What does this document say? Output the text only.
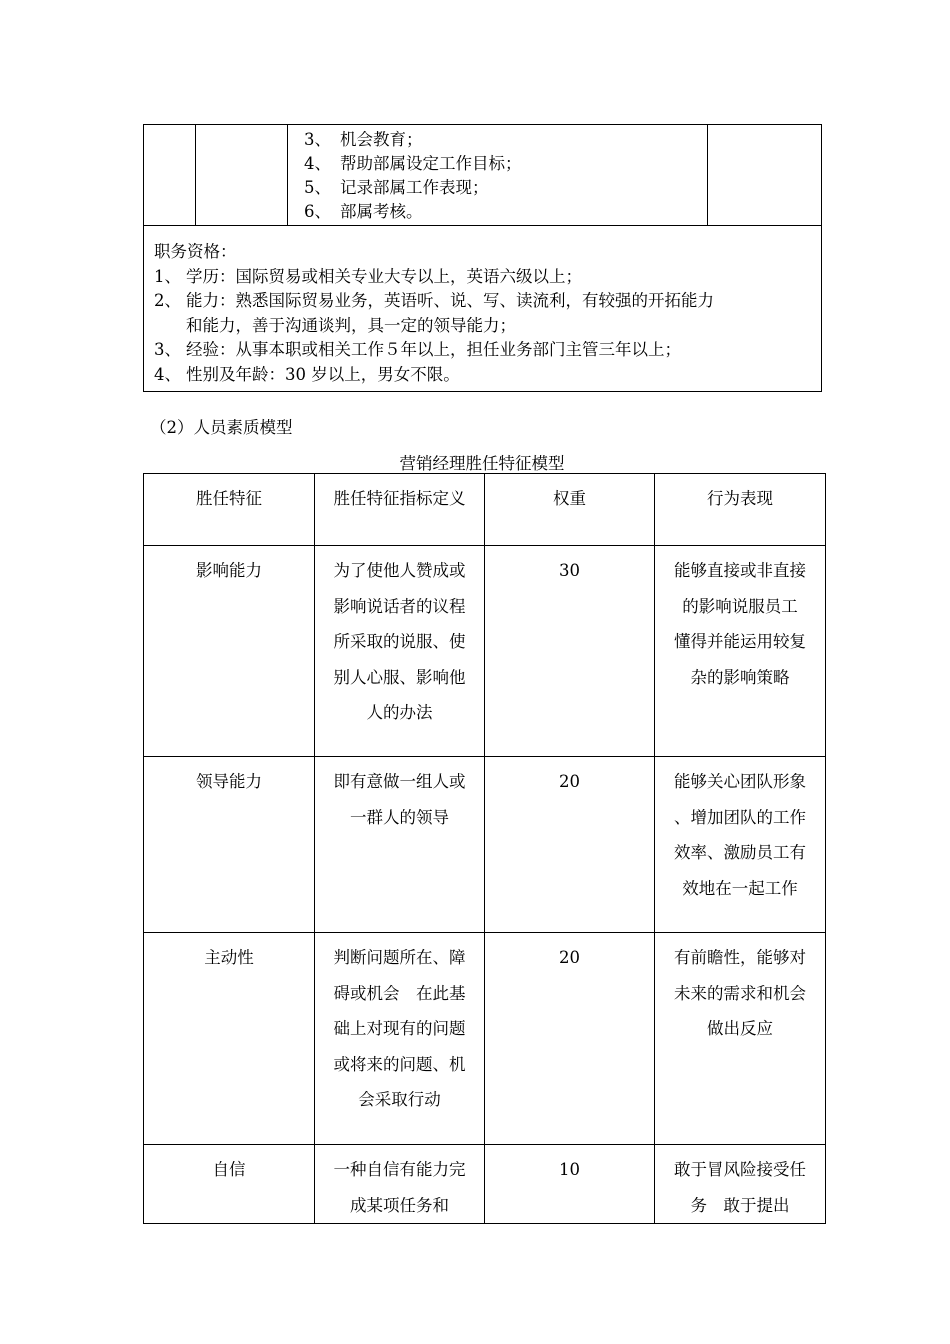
3、 机会教育；
4、 帮助部属设定工作目标；
5、 记录部属工作表现；
6、 部属考核。

职务资格：
1、 学历：国际贸易或相关专业大专以上，英语六级以上；
2、 能力：熟悉国际贸易业务，英语听、说、写、读流利，有较强的开拓能力
和能力，善于沟通谈判，具一定的领导能力；
3、 经验：从事本职或相关工作５年以上，担任业务部门主管三年以上；
4、 性别及年龄：30 岁以上，男女不限。
（2）人员素质模型
营销经理胜任特征模型
胜任特征	胜任特征指标定义	权重	行为表现
影响能力	为了使他人赞成或影响说话者的议程所采取的说服、使别人心服、影响他人的办法	30	能够直接或非直接的影响说服员工　懂得并能运用较复杂的影响策略
领导能力	即有意做一组人或一群人的领导	20	能够关心团队形象 、增加团队的工作效率、激励员工有效地在一起工作
主动性	判断问题所在、障碍或机会　在此基础上对现有的问题或将来的问题、机会采取行动	20	有前瞻性，能够对未来的需求和机会做出反应
自信	一种自信有能力完成某项任务和	10	敢于冒风险接受任务　敢于提出
